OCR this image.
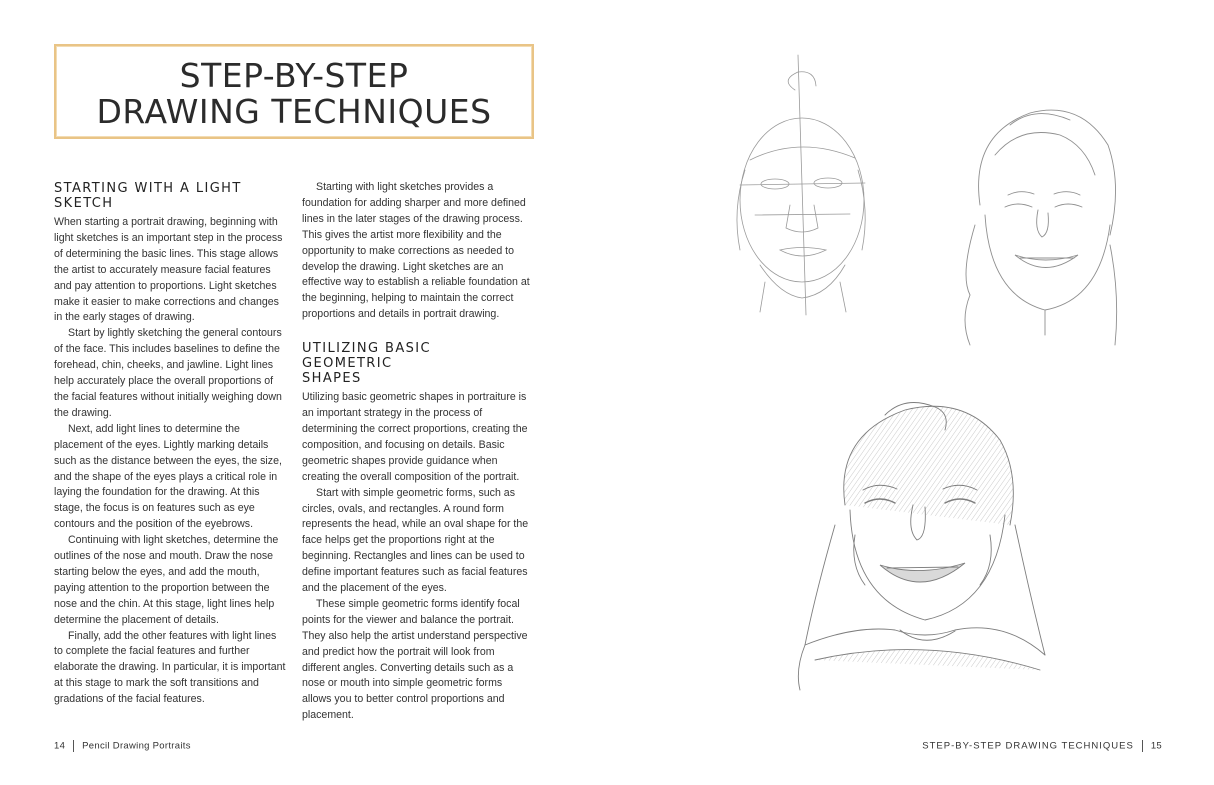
STEP-BY-STEP
DRAWING TECHNIQUES
STARTING WITH A LIGHT SKETCH

When starting a portrait drawing, beginning with light sketches is an important step in the process of determining the basic lines. This stage allows the artist to accurately measure facial features and pay attention to proportions. Light sketches make it easier to make corrections and changes in the early stages of drawing.

Start by lightly sketching the general contours of the face. This includes baselines to define the forehead, chin, cheeks, and jawline. Light lines help accurately place the overall proportions of the facial features without initially weighing down the drawing.

Next, add light lines to determine the placement of the eyes. Lightly marking details such as the distance between the eyes, the size, and the shape of the eyes plays a critical role in laying the foundation for the drawing. At this stage, the focus is on features such as eye contours and the position of the eyebrows.

Continuing with light sketches, determine the outlines of the nose and mouth. Draw the nose starting below the eyes, and add the mouth, paying attention to the proportion between the nose and the chin. At this stage, light lines help determine the placement of details.

Finally, add the other features with light lines to complete the facial features and further elaborate the drawing. In particular, it is important at this stage to mark the soft transitions and gradations of the facial features.

Starting with light sketches provides a foundation for adding sharper and more defined lines in the later stages of the drawing process. This gives the artist more flexibility and the opportunity to make corrections as needed to develop the drawing. Light sketches are an effective way to establish a reliable foundation at the beginning, helping to maintain the correct proportions and details in portrait drawing.

UTILIZING BASIC GEOMETRIC SHAPES

Utilizing basic geometric shapes in portraiture is an important strategy in the process of determining the correct proportions, creating the composition, and focusing on details. Basic geometric shapes provide guidance when creating the overall composition of the portrait.

Start with simple geometric forms, such as circles, ovals, and rectangles. A round form represents the head, while an oval shape for the face helps get the proportions right at the beginning. Rectangles and lines can be used to define important features such as facial features and the placement of the eyes.

These simple geometric forms identify focal points for the viewer and balance the portrait. They also help the artist understand perspective and predict how the portrait will look from different angles. Converting details such as a nose or mouth into simple geometric forms allows you to better control proportions and placement.

14 Pencil Drawing Portraits	STEP-BY-STEP DRAWING TECHNIQUES 15
